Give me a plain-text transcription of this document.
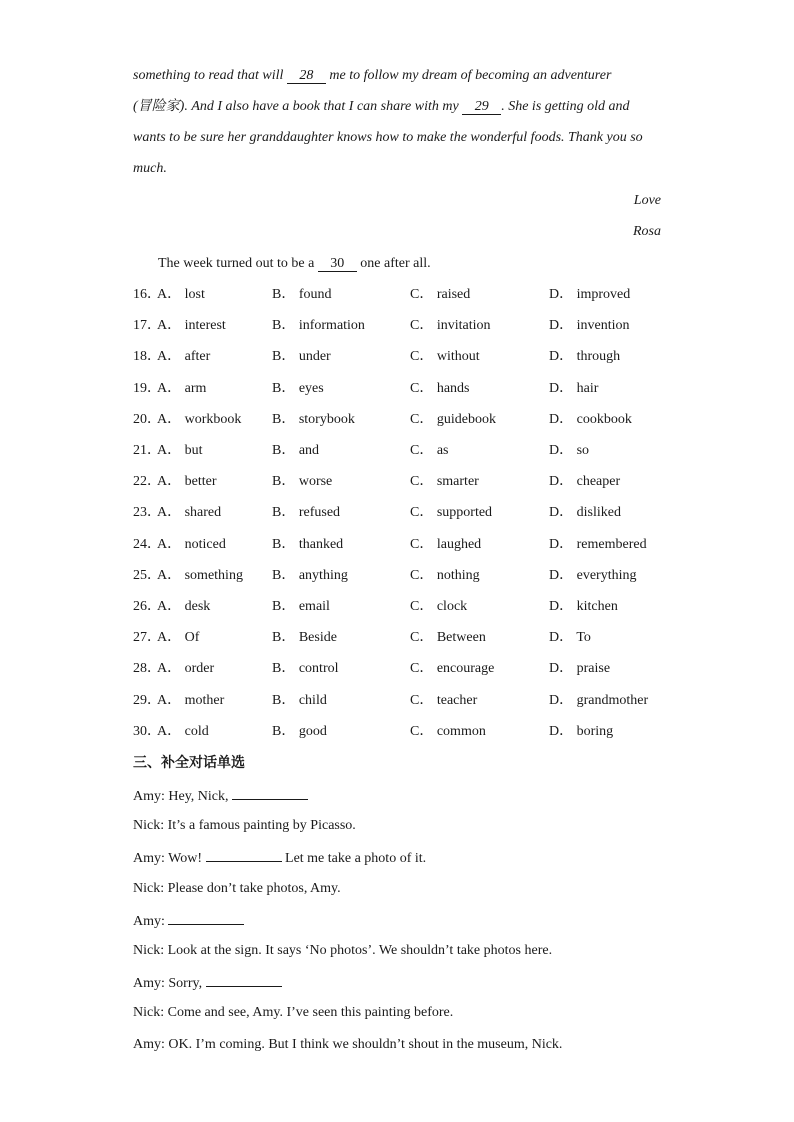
something to read that will    28    me to follow my dream of becoming an adventurer
(冒险家). And I also have a book that I can share with my    29 . She is getting old and
wants to be sure her granddaughter knows how to make the wonderful foods. Thank you so
much.
Love
Rosa
The week turned out to be a    30    one after all.
16．
A． lost	B． found	C． raised	D． improved
17．
A． interest	B． information	C． invitation	D． invention
18．
A． after	B． under	C． without	D． through
19．
A． arm	B． eyes	C． hands	D． hair
20．
A． workbook B． storybook	C． guidebook	D． cookbook
21．
A． but	B． and	C． as	D． so
22．
A． better	B． worse	C． smarter	D． cheaper
23．
A． shared	B． refused	C． supported	D． disliked
24．
A． noticed	B． thanked	C． laughed	D． remembered
25．
A． something B． anything	C． nothing	D． everything
26．
A． desk	B． email	C． clock	D． kitchen
27．
A． Of	B． Beside	C． Between	D． To
28．
A． order	B． control	C． encourage	D． praise
29．
A． mother	B． child	C． teacher	D． grandmother
30．
A． cold	B． good	C． common	D． boring
三、补全对话单选
Amy: Hey, Nick,
Nick: It’s a famous painting by Picasso.
Amy: Wow!	Let me take a photo of it.
Nick: Please don’t take photos, Amy.
Amy:
Nick: Look at the sign. It says ‘No photos’. We shouldn’t take photos here.
Amy: Sorry,
Nick: Come and see, Amy. I’ve seen this painting before.
Amy: OK. I’m coming. But I think we shouldn’t shout in the museum, Nick.
